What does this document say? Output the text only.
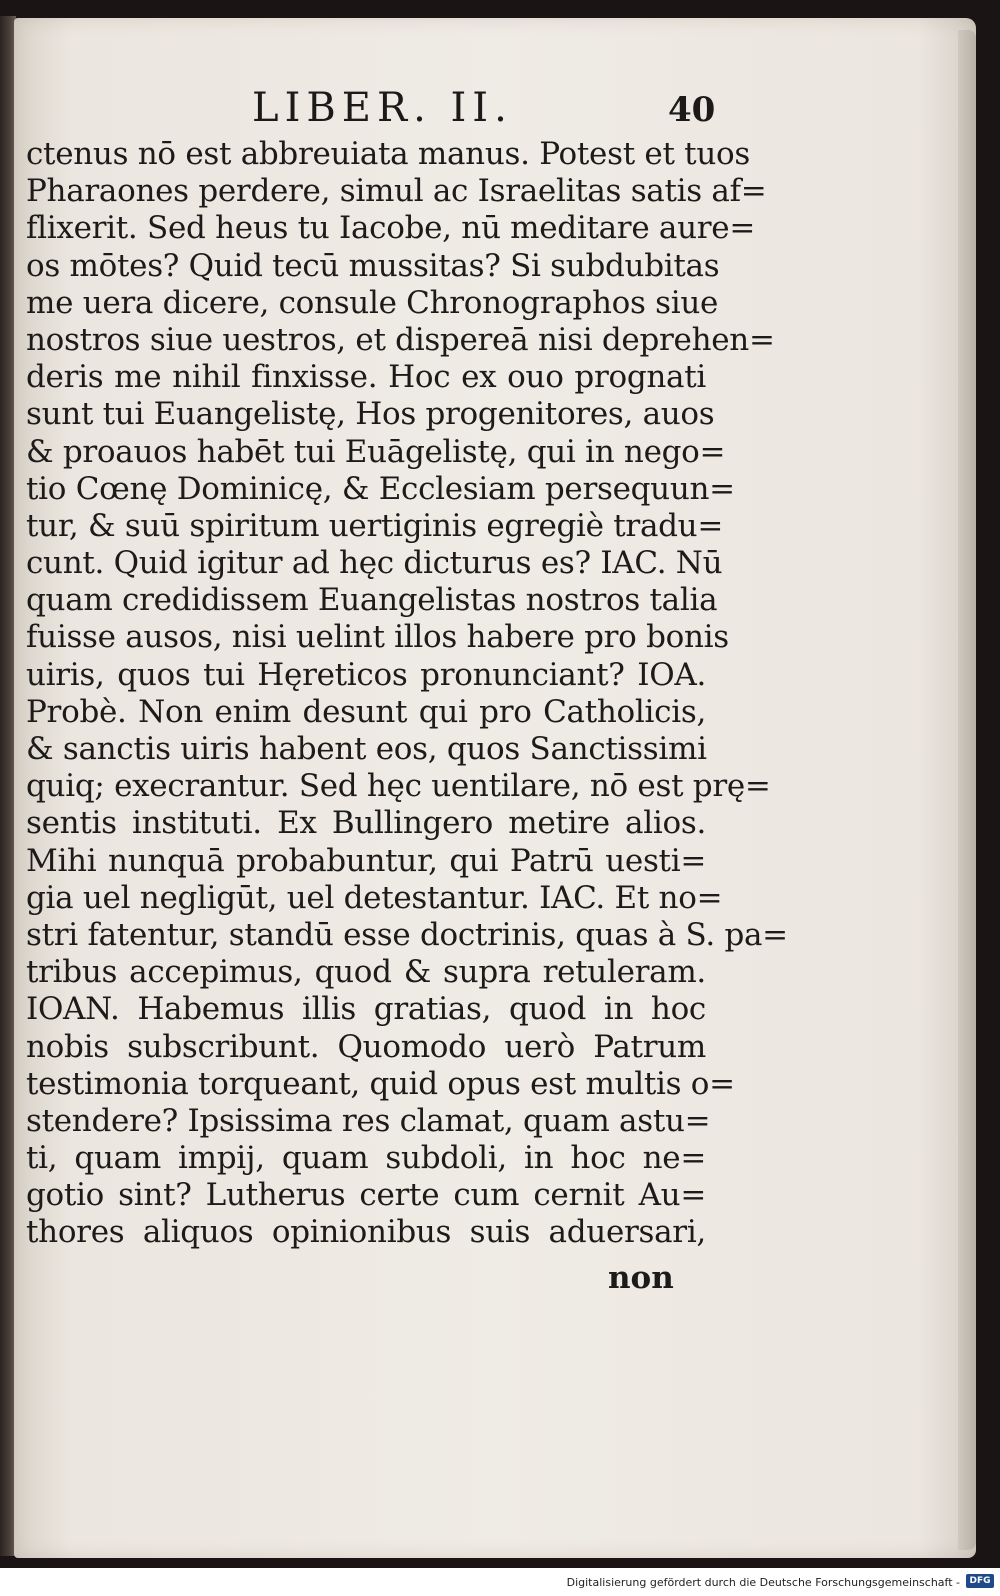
LIBER. II.	40
ctenus nō est abbreuiata manus. Potest et tuos
Pharaones perdere, simul ac Israelitas satis af=
flixerit. Sed heus tu Iacobe, nū meditare aure=
os mōtes? Quid tecū mussitas? Si subdubitas
me uera dicere, consule Chronographos siue
nostros siue uestros, et dispereā nisi deprehen=
deris me nihil finxisse. Hoc ex ouo prognati
sunt tui Euangelistę, Hos progenitores, auos
& proauos habēt tui Euāgelistę, qui in nego=
tio Cœnę Dominicę, & Ecclesiam persequun=
tur, & suū spiritum uertiginis egregiè tradu=
cunt. Quid igitur ad hęc dicturus es? IAC. Nū
quam credidissem Euangelistas nostros talia
fuisse ausos, nisi uelint illos habere pro bonis
uiris, quos tui Hęreticos pronunciant? IOA.
Probè. Non enim desunt qui pro Catholicis,
& sanctis uiris habent eos, quos Sanctissimi
quiq; execrantur. Sed hęc uentilare, nō est prę=
sentis instituti. Ex Bullingero metire alios.
Mihi nunquā probabuntur, qui Patrū uesti=
gia uel negligūt, uel detestantur. IAC. Et no=
stri fatentur, standū esse doctrinis, quas à S. pa=
tribus accepimus, quod & supra retuleram.
IOAN. Habemus illis gratias, quod in hoc
nobis subscribunt. Quomodo uerò Patrum
testimonia torqueant, quid opus est multis o=
stendere? Ipsissima res clamat, quam astu=
ti, quam impij, quam subdoli, in hoc ne=
gotio sint? Lutherus certe cum cernit Au=
thores aliquos opinionibus suis aduersari,
non
Digitalisierung gefördert durch die Deutsche Forschungsgemeinschaft -	DFG
